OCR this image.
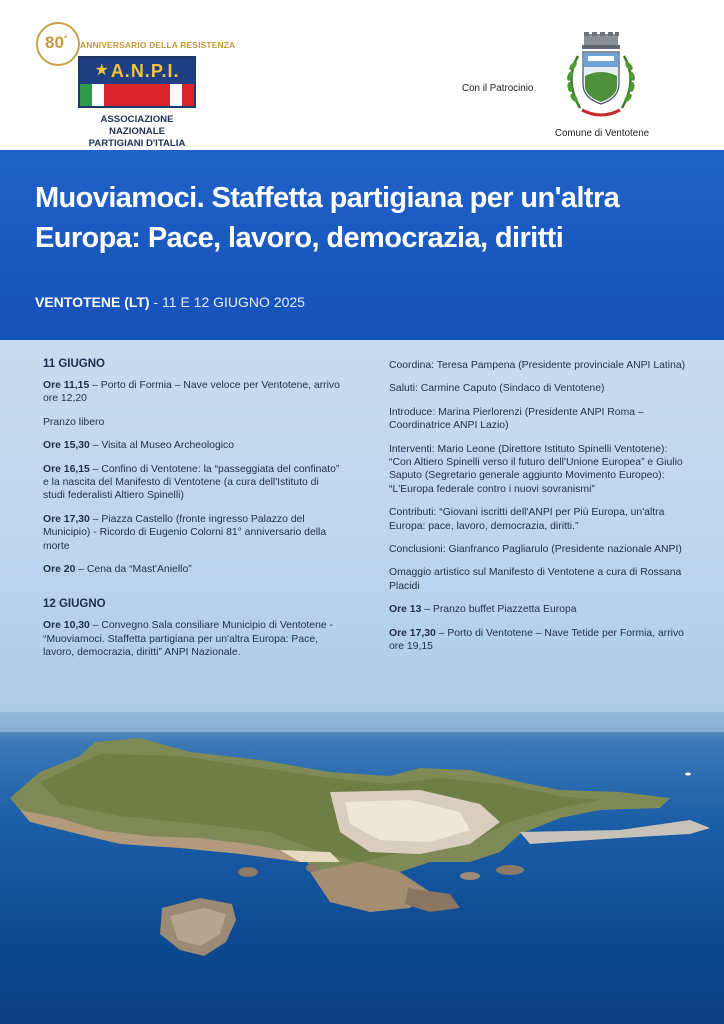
80°
ANNIVERSARIO DELLA RESISTENZA
★ A.N.P.I.
ASSOCIAZIONE NAZIONALE
PARTIGIANI D'ITALIA
Con il Patrocinio
Comune di Ventotene
Muoviamoci. Staffetta partigiana per un'altra
Europa: Pace, lavoro, democrazia, diritti
VENTOTENE (LT) - 11 E 12 GIUGNO 2025
11 GIUGNO
Ore 11,15 – Porto di Formia – Nave veloce per Ventotene, arrivo ore 12,20
Pranzo libero
Ore 15,30 – Visita al Museo Archeologico
Ore 16,15 – Confino di Ventotene: la “passeggiata del confinato” e la nascita del Manifesto di Ventotene (a cura dell'Istituto di studi federalisti Altiero Spinelli)
Ore 17,30 – Piazza Castello (fronte ingresso Palazzo del Municipio) - Ricordo di Eugenio Colorni 81° anniversario della morte
Ore 20 – Cena da “Mast'Aniello”
12 GIUGNO
Ore 10,30 – Convegno Sala consiliare Municipio di Ventotene - “Muoviamoci. Staffetta partigiana per un'altra Europa: Pace, lavoro, democrazia, diritti” ANPI Nazionale.
Coordina: Teresa Pampena (Presidente provinciale ANPI Latina)
Saluti: Carmine Caputo (Sindaco di Ventotene)
Introduce: Marina Pierlorenzi (Presidente ANPI Roma – Coordinatrice ANPI Lazio)
Interventi: Mario Leone (Direttore Istituto Spinelli Ventotene): “Con Altiero Spinelli verso il futuro dell'Unione Europea” e Giulio Saputo (Segretario generale aggiunto Movimento Europeo): “L'Europa federale contro i nuovi sovranismi”
Contributi: “Giovani iscritti dell'ANPI per Più Europa, un'altra Europa: pace, lavoro, democrazia, diritti.”
Conclusioni: Gianfranco Pagliarulo (Presidente nazionale ANPI)
Omaggio artistico sul Manifesto di Ventotene a cura di Rossana Placidi
Ore 13 – Pranzo buffet Piazzetta Europa
Ore 17,30 – Porto di Ventotene – Nave Tetide per Formia, arrivo ore 19,15
